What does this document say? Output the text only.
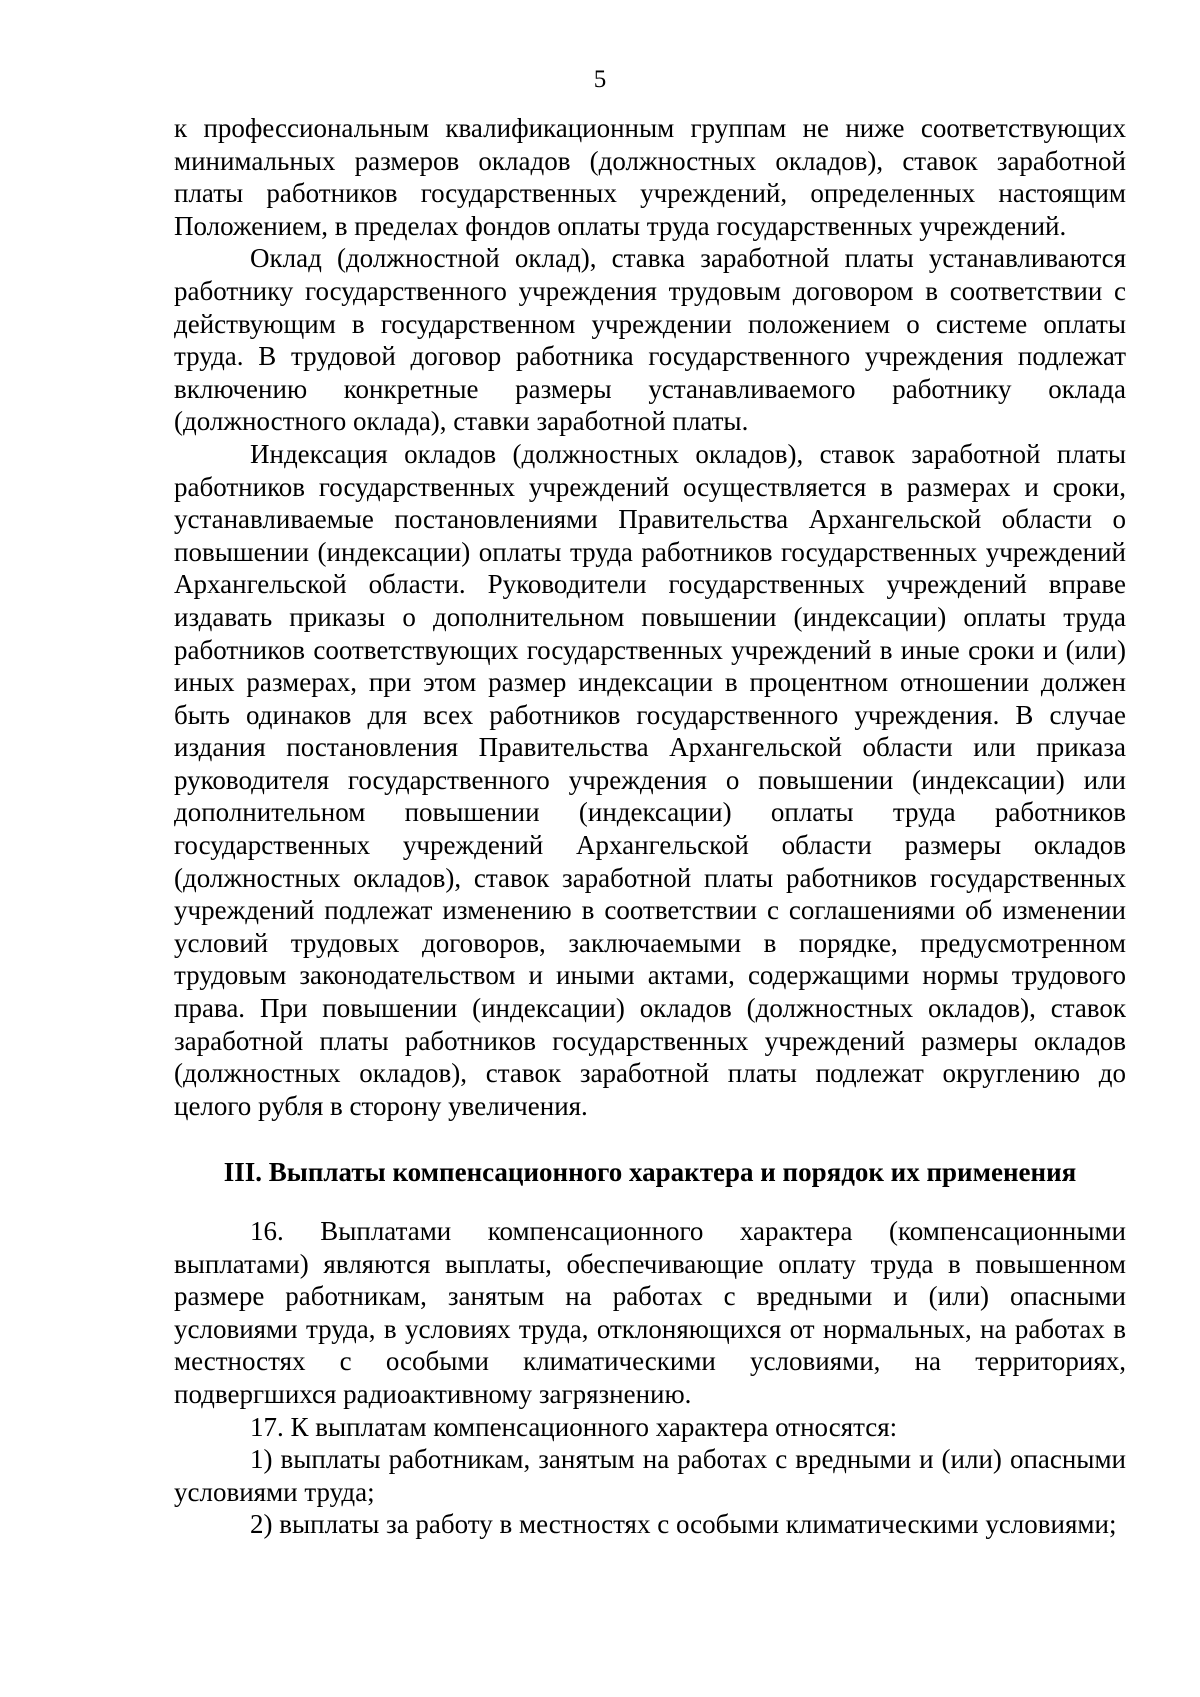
5

к профессиональным квалификационным группам не ниже соответствующих минимальных размеров окладов (должностных окладов), ставок заработной платы работников государственных учреждений, определенных настоящим Положением, в пределах фондов оплаты труда государственных учреждений.

Оклад (должностной оклад), ставка заработной платы устанавливаются работнику государственного учреждения трудовым договором в соответствии с действующим в государственном учреждении положением о системе оплаты труда. В трудовой договор работника государственного учреждения подлежат включению конкретные размеры устанавливаемого работнику оклада (должностного оклада), ставки заработной платы.

Индексация окладов (должностных окладов), ставок заработной платы работников государственных учреждений осуществляется в размерах и сроки, устанавливаемые постановлениями Правительства Архангельской области о повышении (индексации) оплаты труда работников государственных учреждений Архангельской области. Руководители государственных учреждений вправе издавать приказы о дополнительном повышении (индексации) оплаты труда работников соответствующих государственных учреждений в иные сроки и (или) иных размерах, при этом размер индексации в процентном отношении должен быть одинаков для всех работников государственного учреждения. В случае издания постановления Правительства Архангельской области или приказа руководителя государственного учреждения о повышении (индексации) или дополнительном повышении (индексации) оплаты труда работников государственных учреждений Архангельской области размеры окладов (должностных окладов), ставок заработной платы работников государственных учреждений подлежат изменению в соответствии с соглашениями об изменении условий трудовых договоров, заключаемыми в порядке, предусмотренном трудовым законодательством и иными актами, содержащими нормы трудового права. При повышении (индексации) окладов (должностных окладов), ставок заработной платы работников государственных учреждений размеры окладов (должностных окладов), ставок заработной платы подлежат округлению до целого рубля в сторону увеличения.

III. Выплаты компенсационного характера и порядок их применения

16. Выплатами компенсационного характера (компенсационными выплатами) являются выплаты, обеспечивающие оплату труда в повышенном размере работникам, занятым на работах с вредными и (или) опасными условиями труда, в условиях труда, отклоняющихся от нормальных, на работах в местностях с особыми климатическими условиями, на территориях, подвергшихся радиоактивному загрязнению.

17. К выплатам компенсационного характера относятся:

1) выплаты работникам, занятым на работах с вредными и (или) опасными условиями труда;

2) выплаты за работу в местностях с особыми климатическими условиями;
